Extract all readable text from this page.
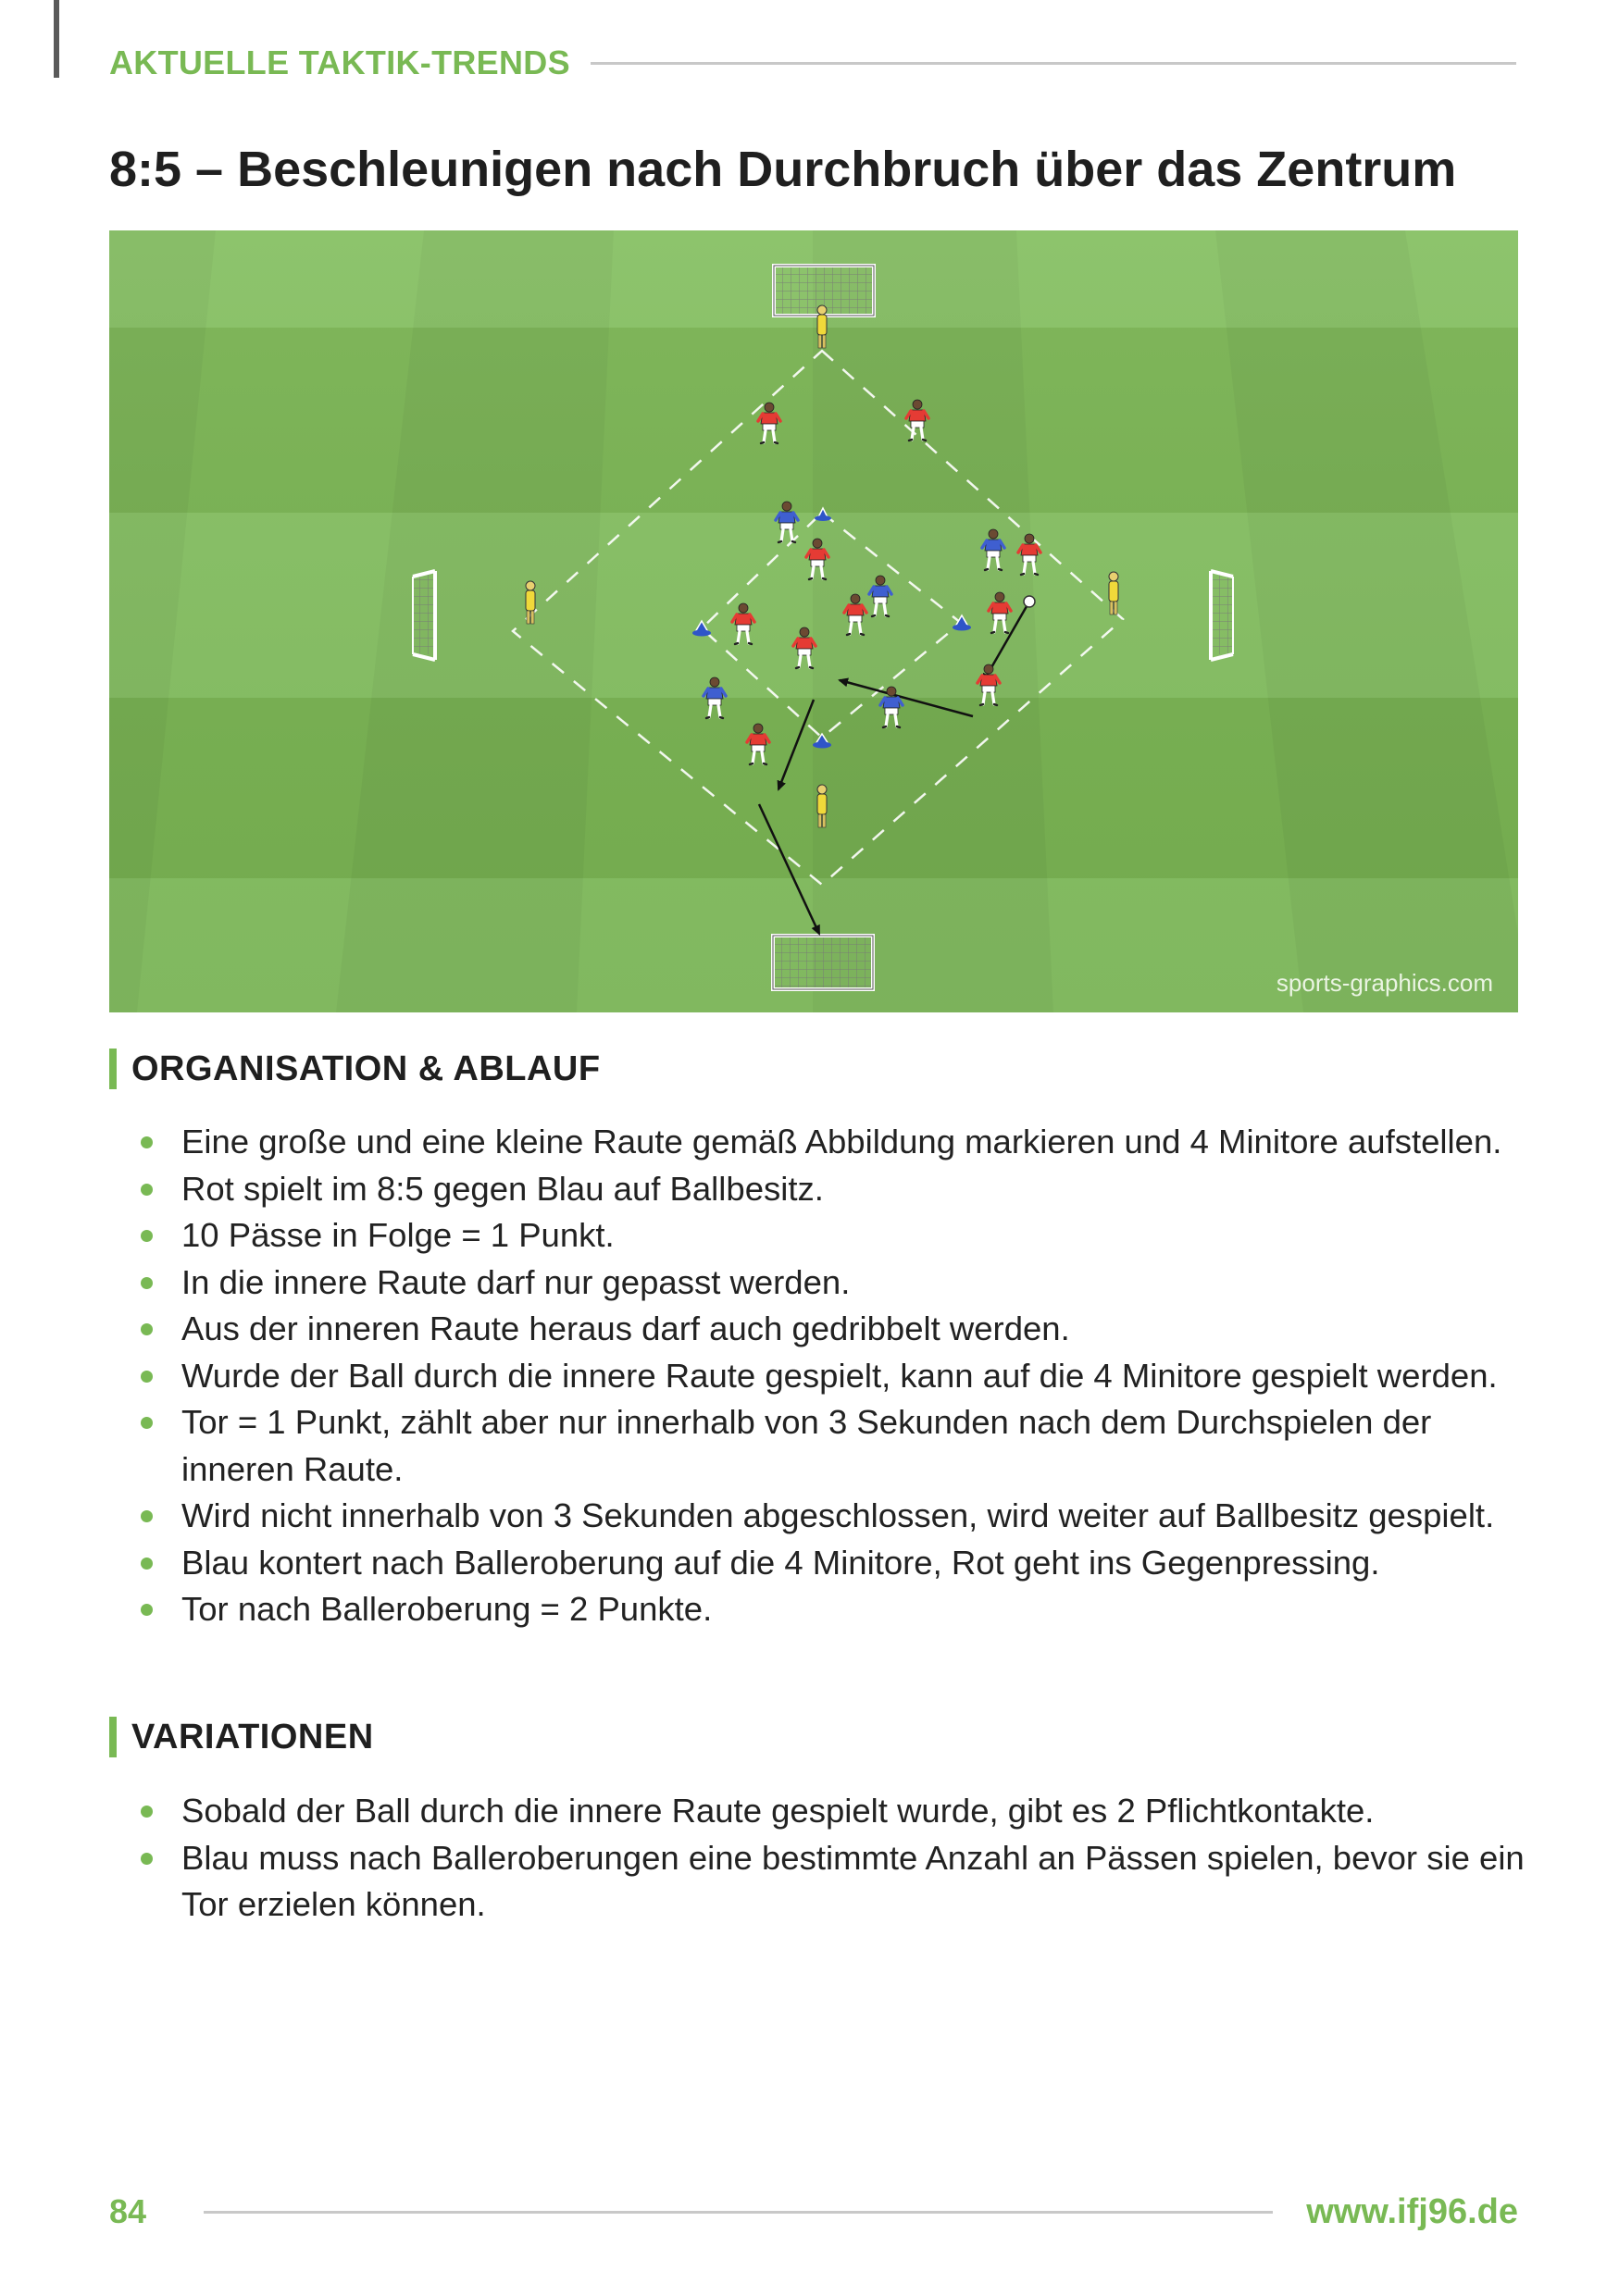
AKTUELLE TAKTIK-TRENDS
8:5 – Beschleunigen nach Durchbruch über das Zentrum
sports-graphics.com
ORGANISATION & ABLAUF
Eine große und eine kleine Raute gemäß Abbildung markieren und 4 Minitore aufstellen.
Rot spielt im 8:5 gegen Blau auf Ballbesitz.
10 Pässe in Folge = 1 Punkt.
In die innere Raute darf nur gepasst werden.
Aus der inneren Raute heraus darf auch gedribbelt werden.
Wurde der Ball durch die innere Raute gespielt, kann auf die 4 Minitore gespielt werden.
Tor = 1 Punkt, zählt aber nur innerhalb von 3 Sekunden nach dem Durchspielen der inneren Raute.
Wird nicht innerhalb von 3 Sekunden abgeschlossen, wird weiter auf Ballbesitz gespielt.
Blau kontert nach Balleroberung auf die 4 Minitore, Rot geht ins Gegenpressing.
Tor nach Balleroberung = 2 Punkte.
VARIATIONEN
Sobald der Ball durch die innere Raute gespielt wurde, gibt es 2 Pflichtkontakte.
Blau muss nach Balleroberungen eine bestimmte Anzahl an Pässen spielen, bevor sie ein Tor erzielen können.
84	www.ifj96.de
